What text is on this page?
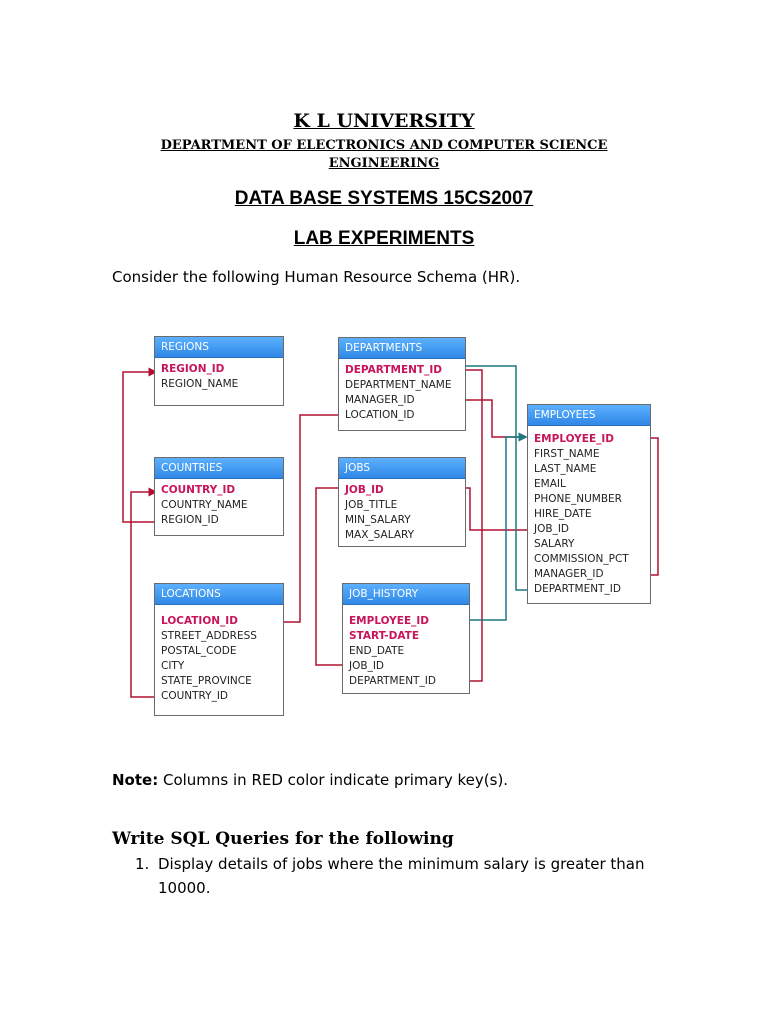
K L UNIVERSITY
DEPARTMENT OF ELECTRONICS AND COMPUTER SCIENCE
ENGINEERING
DATA BASE SYSTEMS 15CS2007
LAB EXPERIMENTS
Consider the following Human Resource Schema (HR).
REGIONS
REGION_ID
REGION_NAME
COUNTRIES
COUNTRY_ID
COUNTRY_NAME
REGION_ID
LOCATIONS
LOCATION_ID
STREET_ADDRESS
POSTAL_CODE
CITY
STATE_PROVINCE
COUNTRY_ID
DEPARTMENTS
DEPARTMENT_ID
DEPARTMENT_NAME
MANAGER_ID
LOCATION_ID
JOBS
JOB_ID
JOB_TITLE
MIN_SALARY
MAX_SALARY
JOB_HISTORY
EMPLOYEE_ID
START-DATE
END_DATE
JOB_ID
DEPARTMENT_ID
EMPLOYEES
EMPLOYEE_ID
FIRST_NAME
LAST_NAME
EMAIL
PHONE_NUMBER
HIRE_DATE
JOB_ID
SALARY
COMMISSION_PCT
MANAGER_ID
DEPARTMENT_ID
Note: Columns in RED color indicate primary key(s).
Write SQL Queries for the following
1. Display details of jobs where the minimum salary is greater than 10000.
